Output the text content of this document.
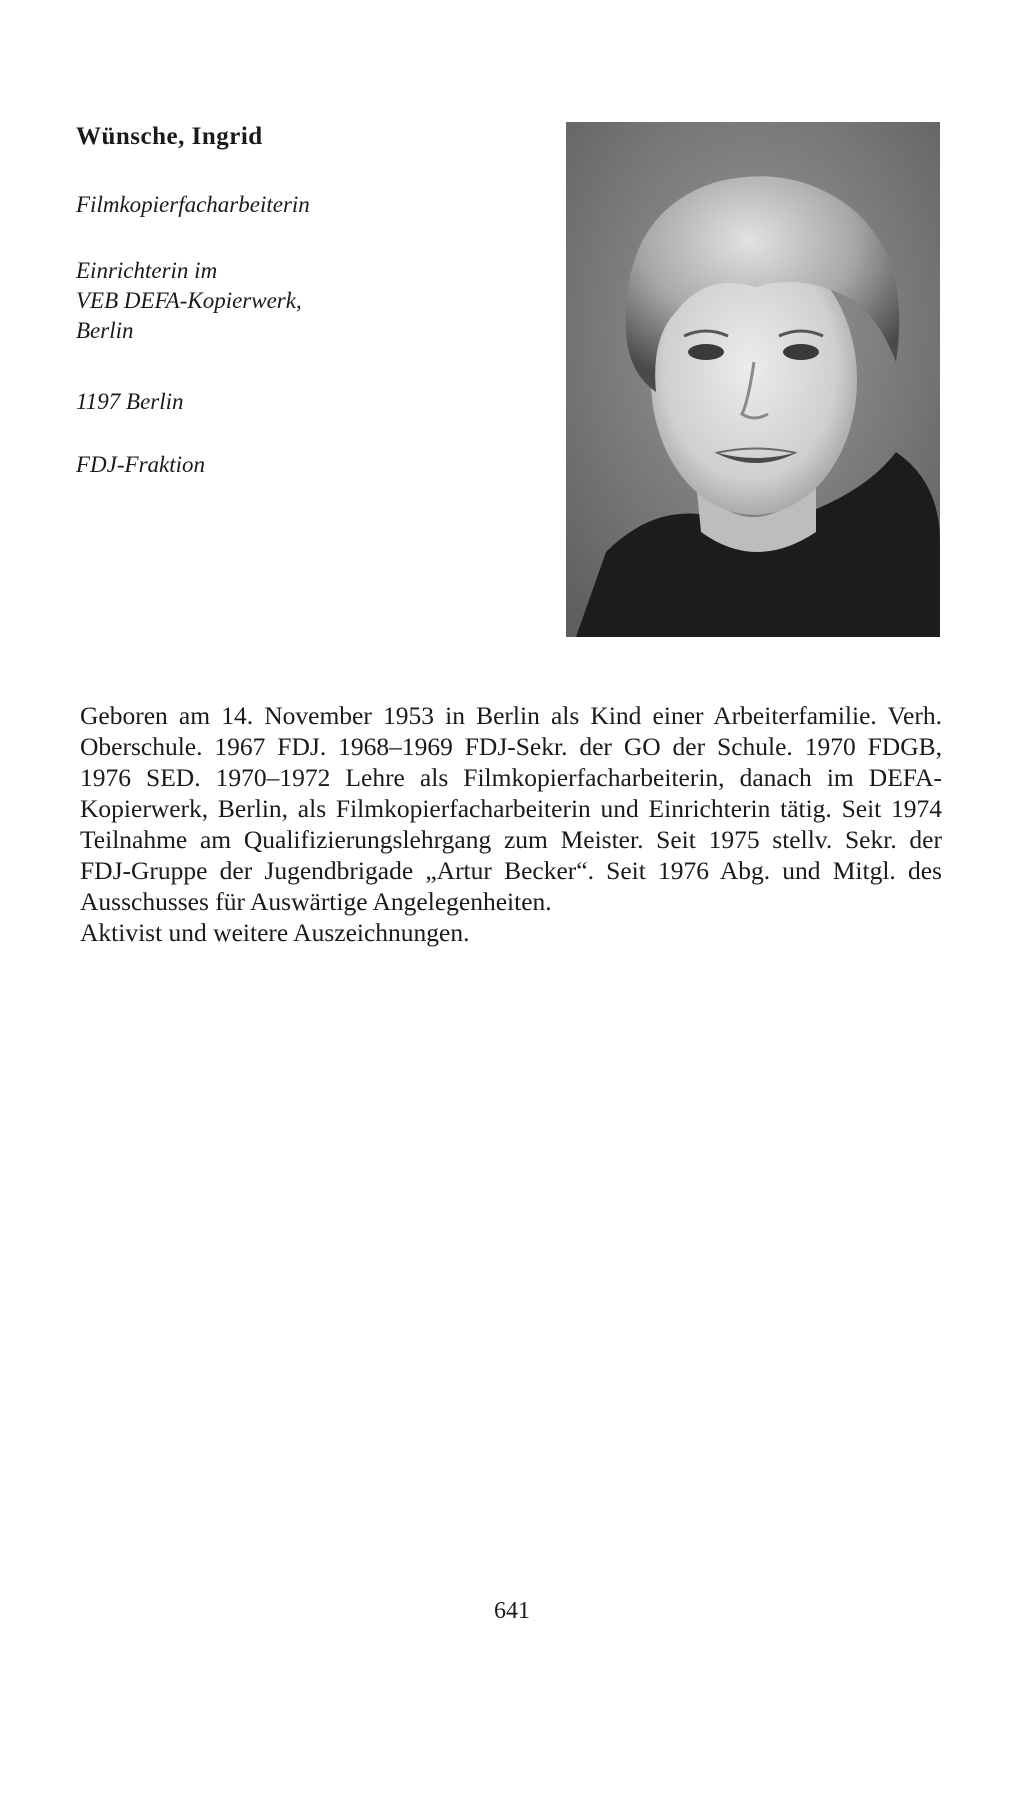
Wünsche, Ingrid
Filmkopierfacharbeiterin
Einrichterin im
VEB DEFA-Kopierwerk,
Berlin
1197 Berlin
FDJ-Fraktion

Geboren am 14. November 1953 in Berlin als Kind einer Arbeiterfamilie. Verh. Oberschule. 1967 FDJ. 1968–1969 FDJ-Sekr. der GO der Schule. 1970 FDGB, 1976 SED. 1970–1972 Lehre als Filmkopierfacharbeiterin, danach im DEFA-Kopierwerk, Berlin, als Filmkopierfacharbeiterin und Einrichterin tätig. Seit 1974 Teilnahme am Qualifizierungslehrgang zum Meister. Seit 1975 stellv. Sekr. der FDJ-Gruppe der Jugendbrigade „Artur Becker“. Seit 1976 Abg. und Mitgl. des Ausschusses für Auswärtige Angelegenheiten.

Aktivist und weitere Auszeichnungen.

641
